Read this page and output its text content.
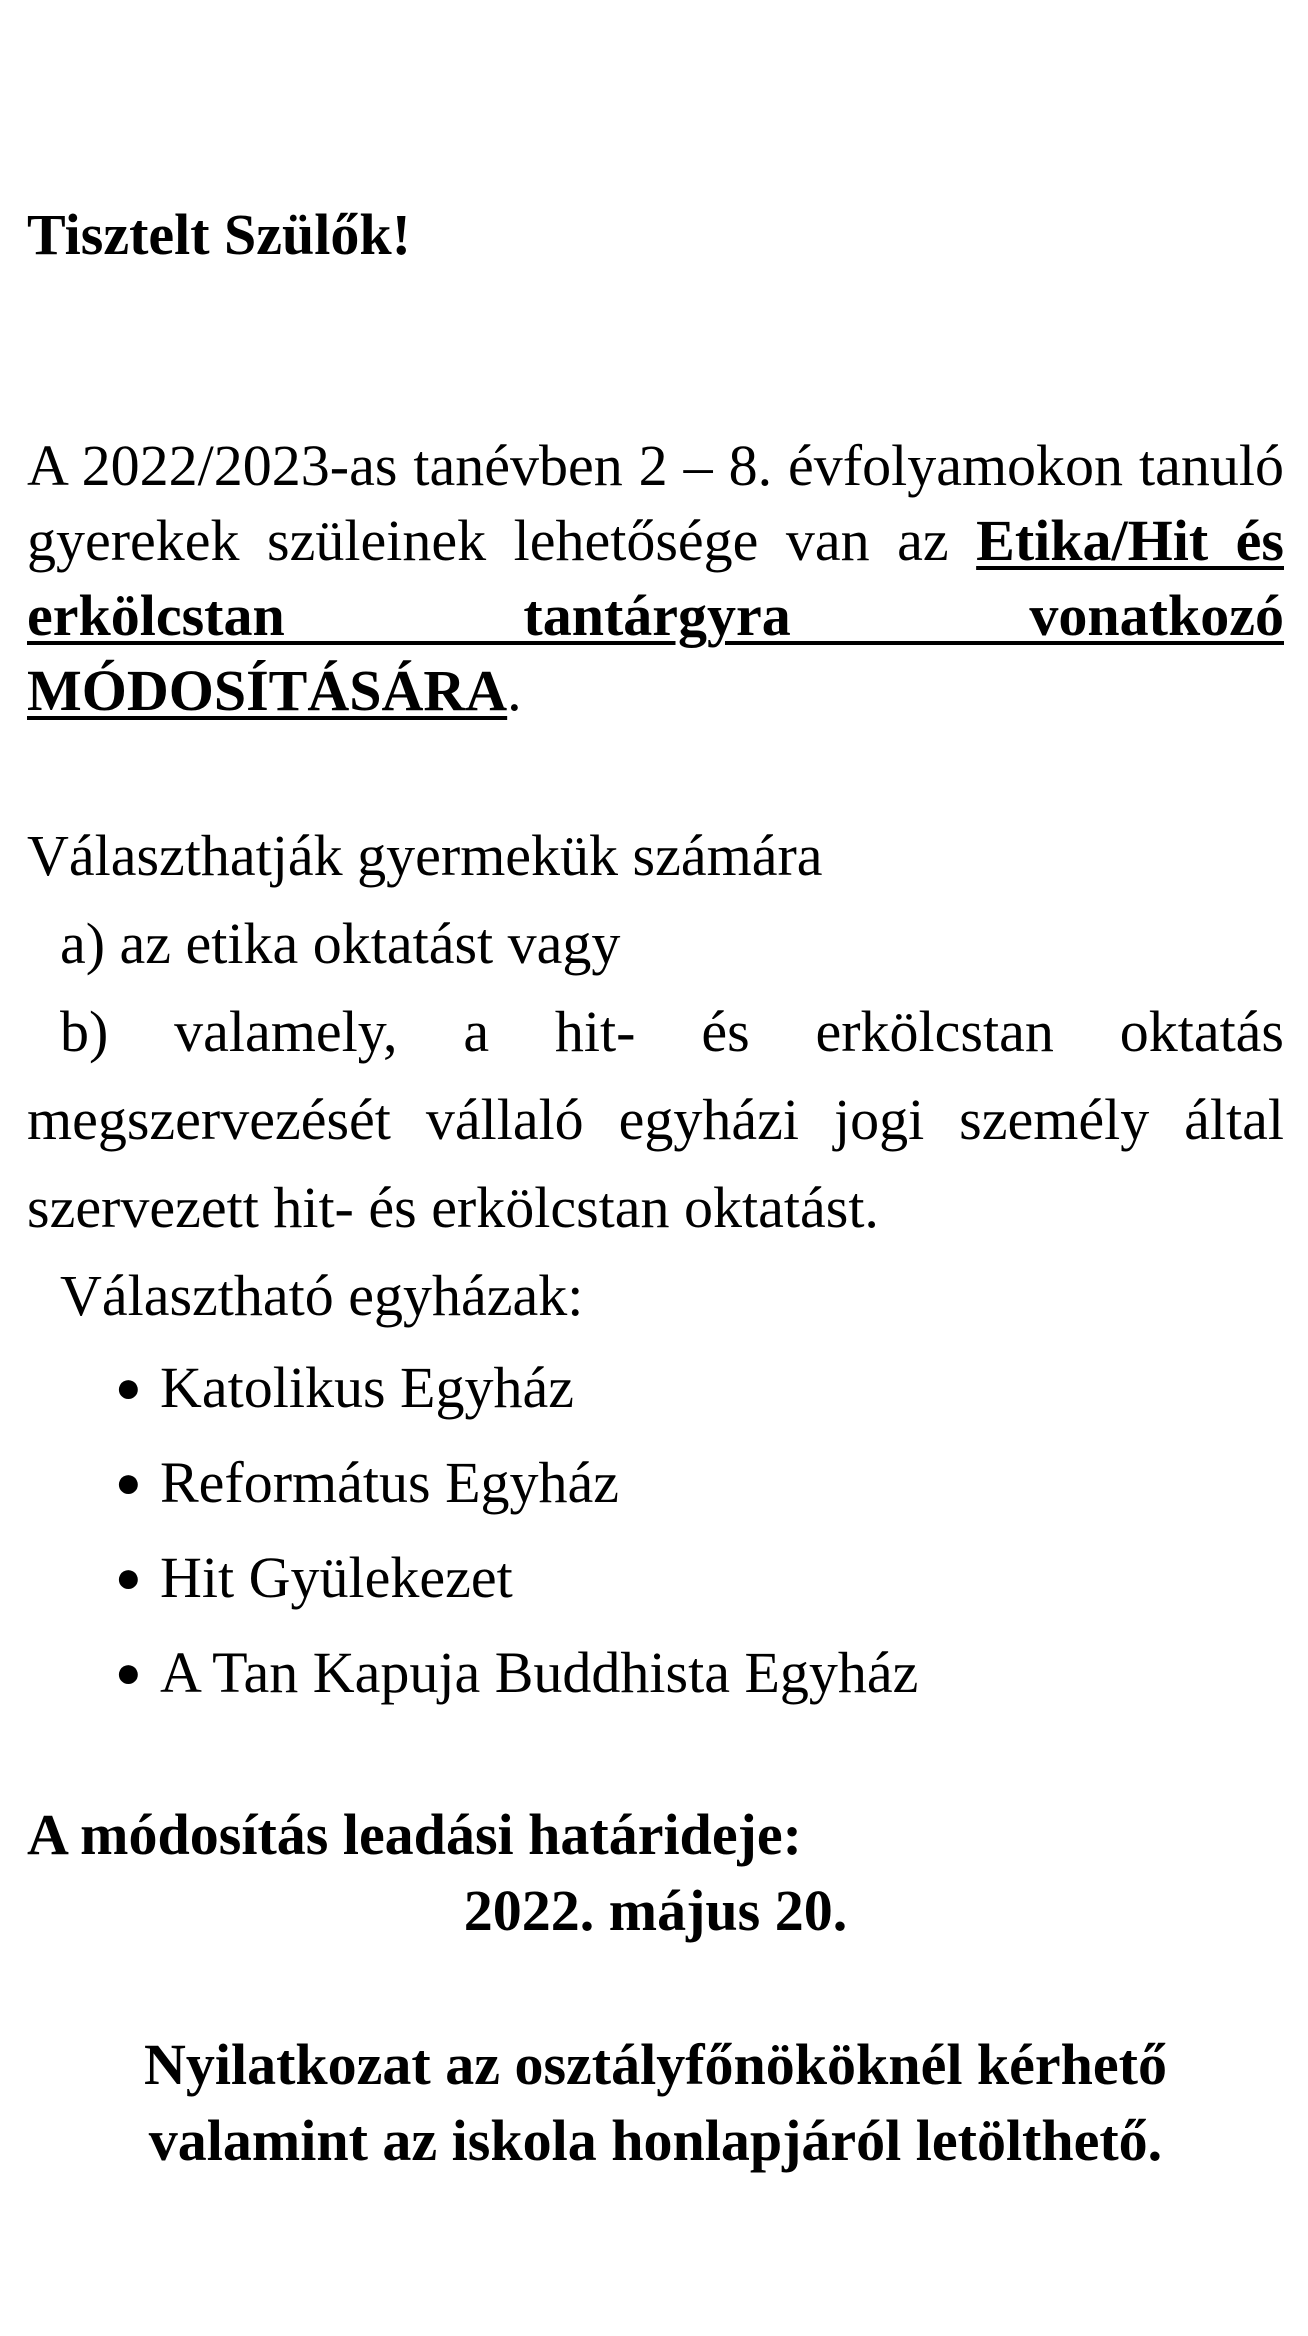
Tisztelt Szülők!
A 2022/2023-as tanévben 2 – 8. évfolyamokon tanuló gyerekek szüleinek lehetősége van az Etika/Hit és erkölcstan tantárgyra vonatkozó MÓDOSÍTÁSÁRA.

Választhatják gyermekük számára

a) az etika oktatást vagy

b) valamely, a hit- és erkölcstan oktatás megszervezését vállaló egyházi jogi személy által szervezett hit- és erkölcstan oktatást.

Választható egyházak:

● Katolikus Egyház
● Református Egyház
● Hit Gyülekezet
● A Tan Kapuja Buddhista Egyház
A módosítás leadási határideje:
2022. május 20.
Nyilatkozat az osztályfőnököknél kérhető
valamint az iskola honlapjáról letölthető.
